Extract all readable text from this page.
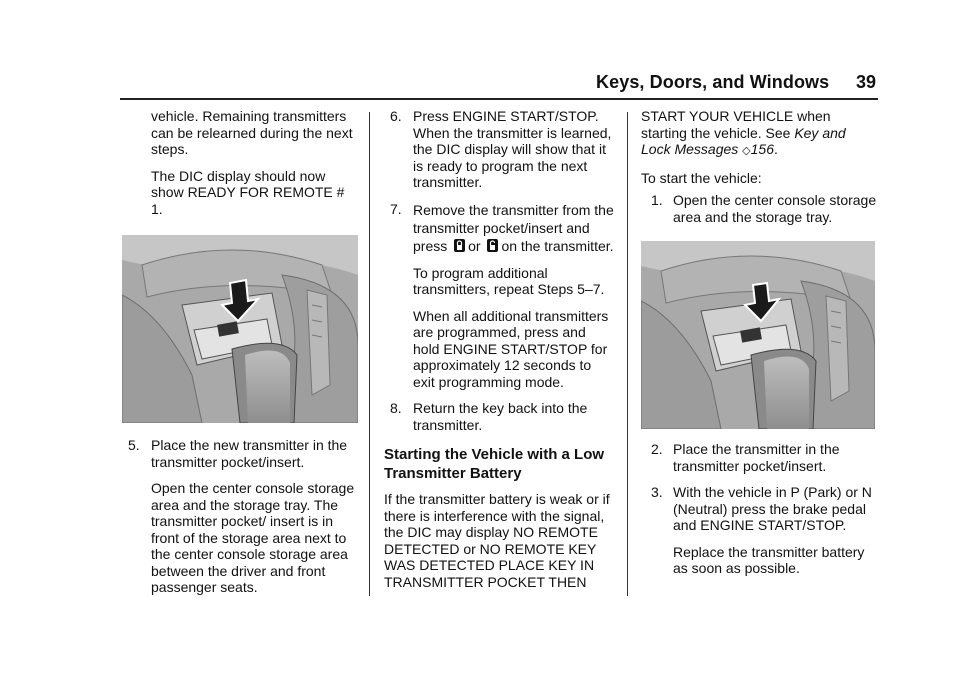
Keys, Doors, and Windows 39

vehicle. Remaining transmitters can be relearned during the next steps.

The DIC display should now show READY FOR REMOTE # 1.

5. Place the new transmitter in the transmitter pocket/insert.

Open the center console storage area and the storage tray. The transmitter pocket/ insert is in front of the storage area next to the center console storage area between the driver and front passenger seats.

6. Press ENGINE START/STOP. When the transmitter is learned, the DIC display will show that it is ready to program the next transmitter.

7. Remove the transmitter from the transmitter pocket/insert and press or on the transmitter.

To program additional transmitters, repeat Steps 5–7.

When all additional transmitters are programmed, press and hold ENGINE START/STOP for approximately 12 seconds to exit programming mode.

8. Return the key back into the transmitter.

Starting the Vehicle with a Low Transmitter Battery

If the transmitter battery is weak or if there is interference with the signal, the DIC may display NO REMOTE DETECTED or NO REMOTE KEY WAS DETECTED PLACE KEY IN TRANSMITTER POCKET THEN

START YOUR VEHICLE when starting the vehicle. See Key and Lock Messages ◇156.

To start the vehicle:

1. Open the center console storage area and the storage tray.

2. Place the transmitter in the transmitter pocket/insert.

3. With the vehicle in P (Park) or N (Neutral) press the brake pedal and ENGINE START/STOP.

Replace the transmitter battery as soon as possible.
